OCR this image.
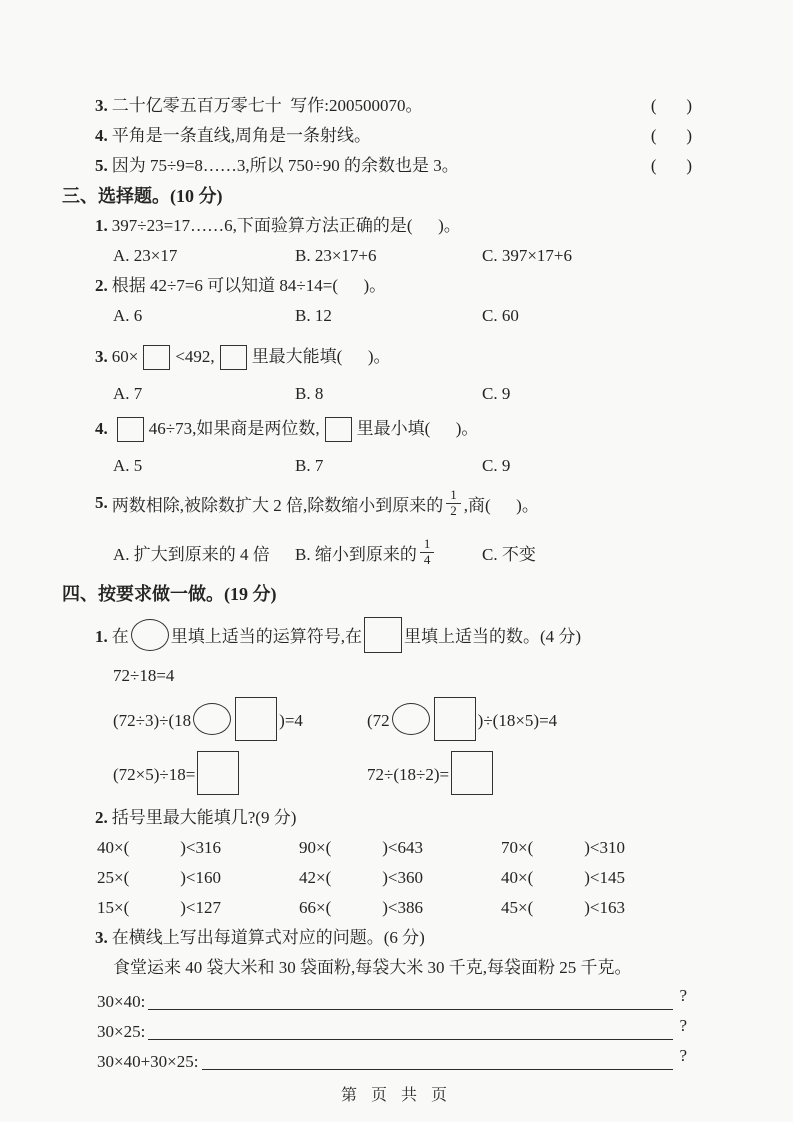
3. 二十亿零五百万零七十  写作:200500070。	(       )
4. 平角是一条直线,周角是一条射线。	(       )
5. 因为 75÷9=8……3,所以 750÷90 的余数也是 3。	(       )
三、选择题。(10 分)
1. 397÷23=17……6,下面验算方法正确的是(      )。
A. 23×17	B. 23×17+6	C. 397×17+6
2. 根据 42÷7=6 可以知道 84÷14=(      )。
A. 6	B. 12	C. 60
3. 60× <492, 里最大能填(      )。
A. 7	B. 8	C. 9
4. 46÷73,如果商是两位数, 里最小填(      )。
A. 5	B. 7	C. 9
5. 两数相除,被除数扩大 2 倍,除数缩小到原来的 $\frac{1}{2}$ ,商(      )。
A. 扩大到原来的 4 倍	B. 缩小到原来的 $\frac{1}{4}$	C. 不变
四、按要求做一做。(19 分)
1. 在 里填上适当的运算符号,在 里填上适当的数。(4 分)
72÷18=4
(72÷3)÷(18	)=4	(72	)÷(18×5)=4
(72×5)÷18=	72÷(18÷2)=
2. 括号里最大能填几?(9 分)
40×(            )<316	90×(            )<643	70×(            )<310
25×(            )<160	42×(            )<360	40×(            )<145
15×(            )<127	66×(            )<386	45×(            )<163
3. 在横线上写出每道算式对应的问题。(6 分)
食堂运来 40 袋大米和 30 袋面粉,每袋大米 30 千克,每袋面粉 25 千克。
30×40:	?
30×25:	?
30×40+30×25:	?
第 页 共 页
